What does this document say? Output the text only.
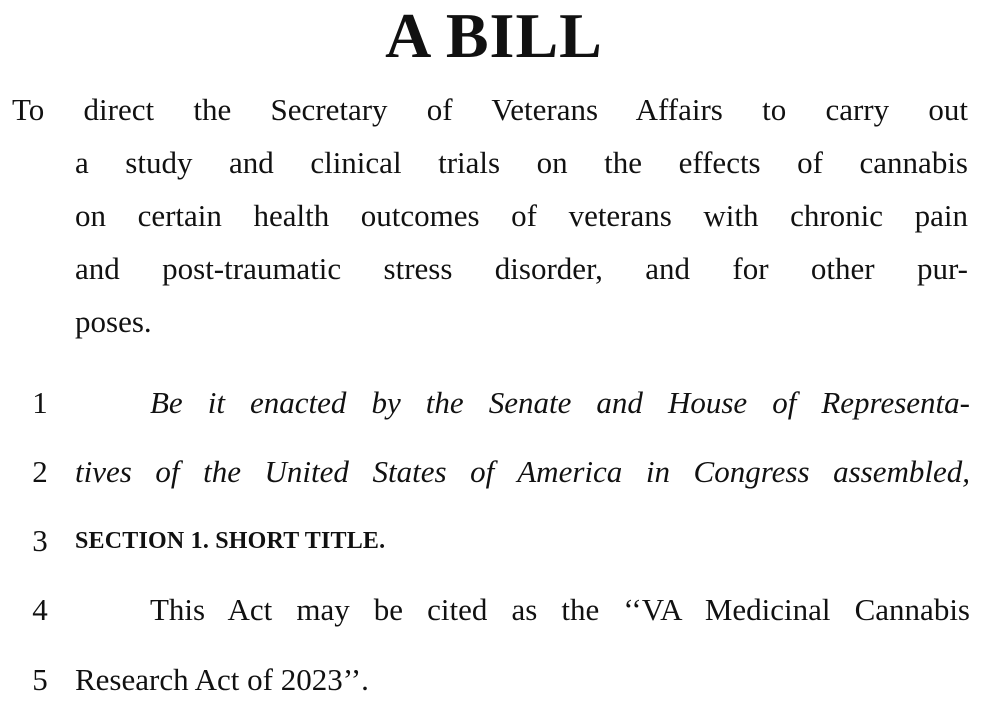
A BILL
To direct the Secretary of Veterans Affairs to carry out
a study and clinical trials on the effects of cannabis
on certain health outcomes of veterans with chronic pain
and post-traumatic stress disorder, and for other pur-
poses.
1	Be it enacted by the Senate and House of Representa-
2 tives of the United States of America in Congress assembled,
3	SECTION 1. SHORT TITLE.
4	This Act may be cited as the ‘‘VA Medicinal Cannabis
5 Research Act of 2023’’.
